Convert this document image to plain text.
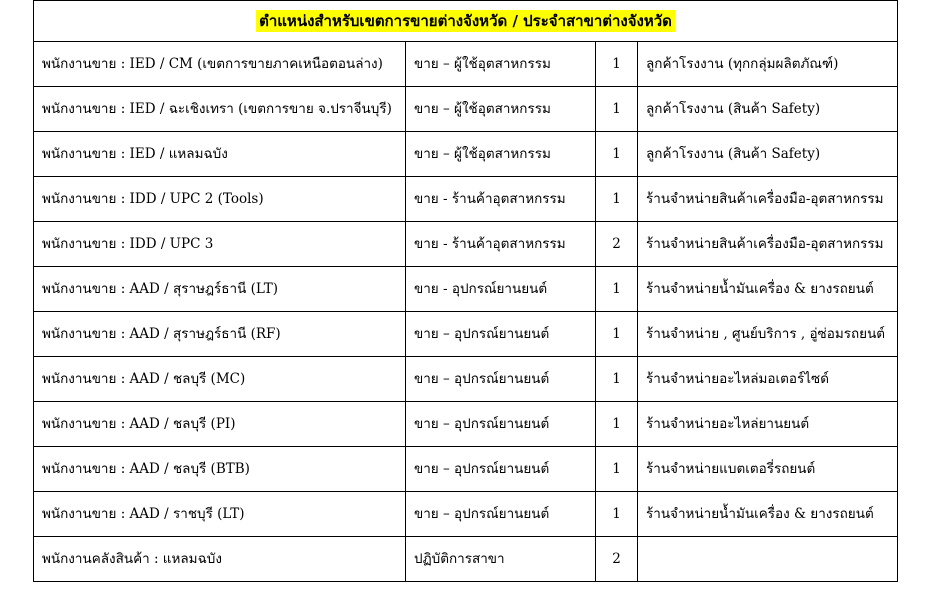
ตำแหน่งสำหรับเขตการขายต่างจังหวัด / ประจำสาขาต่างจังหวัด			
พนักงานขาย : IED / CM (เขตการขายภาคเหนือตอนล่าง)	ขาย – ผู้ใช้อุตสาหกรรม	1	ลูกค้าโรงงาน (ทุกกลุ่มผลิตภัณฑ์)
พนักงานขาย : IED / ฉะเชิงเทรา (เขตการขาย จ.ปราจีนบุรี)	ขาย – ผู้ใช้อุตสาหกรรม	1	ลูกค้าโรงงาน (สินค้า Safety)
พนักงานขาย : IED / แหลมฉบัง	ขาย – ผู้ใช้อุตสาหกรรม	1	ลูกค้าโรงงาน (สินค้า Safety)
พนักงานขาย : IDD / UPC 2 (Tools)	ขาย - ร้านค้าอุตสาหกรรม	1	ร้านจำหน่ายสินค้าเครื่องมือ-อุตสาหกรรม
พนักงานขาย : IDD / UPC 3	ขาย - ร้านค้าอุตสาหกรรม	2	ร้านจำหน่ายสินค้าเครื่องมือ-อุตสาหกรรม
พนักงานขาย : AAD / สุราษฎร์ธานี (LT)	ขาย - อุปกรณ์ยานยนต์	1	ร้านจำหน่ายน้ำมันเครื่อง & ยางรถยนต์
พนักงานขาย : AAD / สุราษฎร์ธานี (RF)	ขาย – อุปกรณ์ยานยนต์	1	ร้านจำหน่าย , ศูนย์บริการ , อู่ซ่อมรถยนต์
พนักงานขาย : AAD / ชลบุรี (MC)	ขาย – อุปกรณ์ยานยนต์	1	ร้านจำหน่ายอะไหล่มอเตอร์ไซด์
พนักงานขาย : AAD / ชลบุรี (PI)	ขาย – อุปกรณ์ยานยนต์	1	ร้านจำหน่ายอะไหล่ยานยนต์
พนักงานขาย : AAD / ชลบุรี (BTB)	ขาย – อุปกรณ์ยานยนต์	1	ร้านจำหน่ายแบตเตอรี่รถยนต์
พนักงานขาย : AAD / ราชบุรี (LT)	ขาย – อุปกรณ์ยานยนต์	1	ร้านจำหน่ายน้ำมันเครื่อง & ยางรถยนต์
พนักงานคลังสินค้า : แหลมฉบัง	ปฏิบัติการสาขา	2	
